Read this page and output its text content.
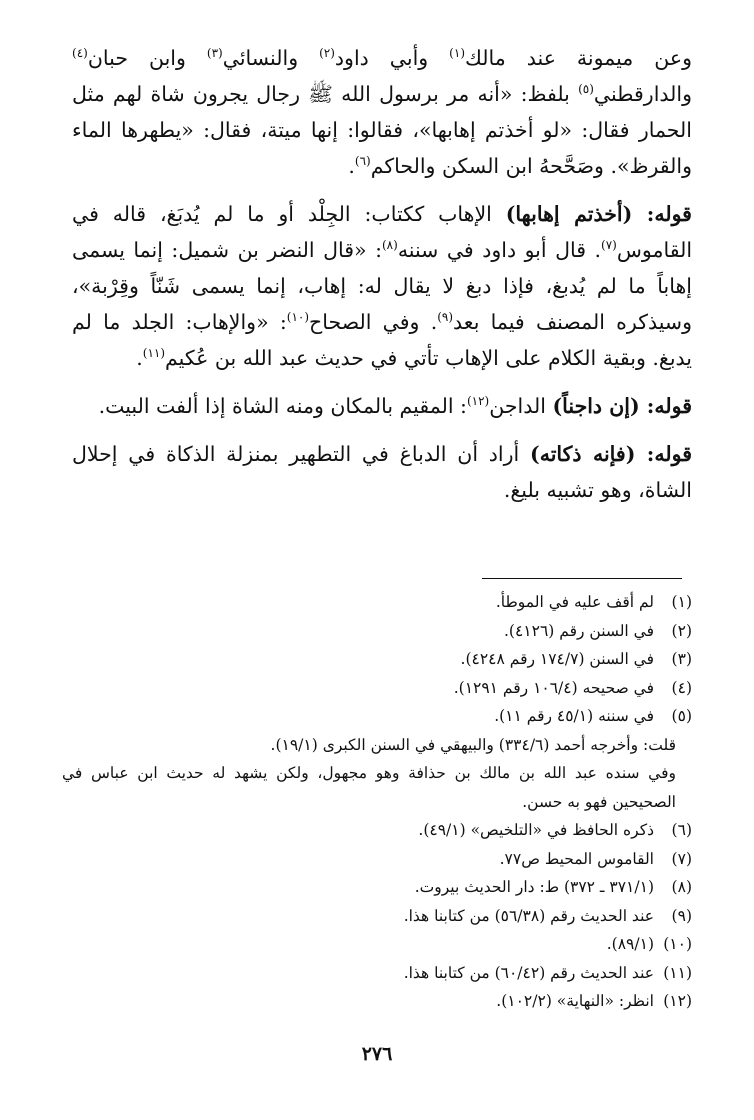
وعن ميمونة عند مالك$^{(١)}$ وأبي داود$^{(٢)}$ والنسائي$^{(٣)}$ وابن حبان$^{(٤)}$ والدارقطني$^{(٥)}$ بلفظ: «أنه مر برسول الله ﷺ رجال يجرون شاة لهم مثل الحمار فقال: «لو أخذتم إهابها»، فقالوا: إنها ميتة، فقال: «يطهرها الماء والقرظ». وصَحَّحهُ ابن السكن والحاكم$^{(٦)}$.

قوله: (أخذتم إهابها) الإهاب ككتاب: الجِلْد أو ما لم يُدبَغ، قاله في القاموس$^{(٧)}$. قال أبو داود في سننه$^{(٨)}$: «قال النضر بن شميل: إنما يسمى إهاباً ما لم يُدبغ، فإذا دبغ لا يقال له: إهاب، إنما يسمى شَنّاً وقِرْبة»، وسيذكره المصنف فيما بعد$^{(٩)}$. وفي الصحاح$^{(١٠)}$: «والإهاب: الجلد ما لم يدبغ. وبقية الكلام على الإهاب تأتي في حديث عبد الله بن عُكيم$^{(١١)}$.

قوله: (إن داجناً) الداجن$^{(١٢)}$: المقيم بالمكان ومنه الشاة إذا ألفت البيت.

قوله: (فإنه ذكاته) أراد أن الدباغ في التطهير بمنزلة الذكاة في إحلال الشاة، وهو تشبيه بليغ.

(١)
لم أقف عليه في الموطأ.
(٢)
في السنن رقم (٤١٢٦).
(٣)
في السنن (١٧٤/٧ رقم ٤٢٤٨).
(٤)
في صحيحه (١٠٦/٤ رقم ١٢٩١).
(٥)
في سننه (٤٥/١ رقم ١١).

قلت: وأخرجه أحمد (٣٣٤/٦) والبيهقي في السنن الكبرى (١٩/١).

وفي سنده عبد الله بن مالك بن حذافة وهو مجهول، ولكن يشهد له حديث ابن عباس في الصحيحين فهو به حسن.

(٦)
ذكره الحافظ في «التلخيص» (٤٩/١).
(٧)
القاموس المحيط ص٧٧.
(٨)
(٣٧١/١ ـ ٣٧٢) ط: دار الحديث بيروت.
(٩)
عند الحديث رقم (٥٦/٣٨) من كتابنا هذا.
(١٠)
(٨٩/١).
(١١)
عند الحديث رقم (٦٠/٤٢) من كتابنا هذا.
(١٢)
انظر: «النهاية» (١٠٢/٢).
٢٧٦
